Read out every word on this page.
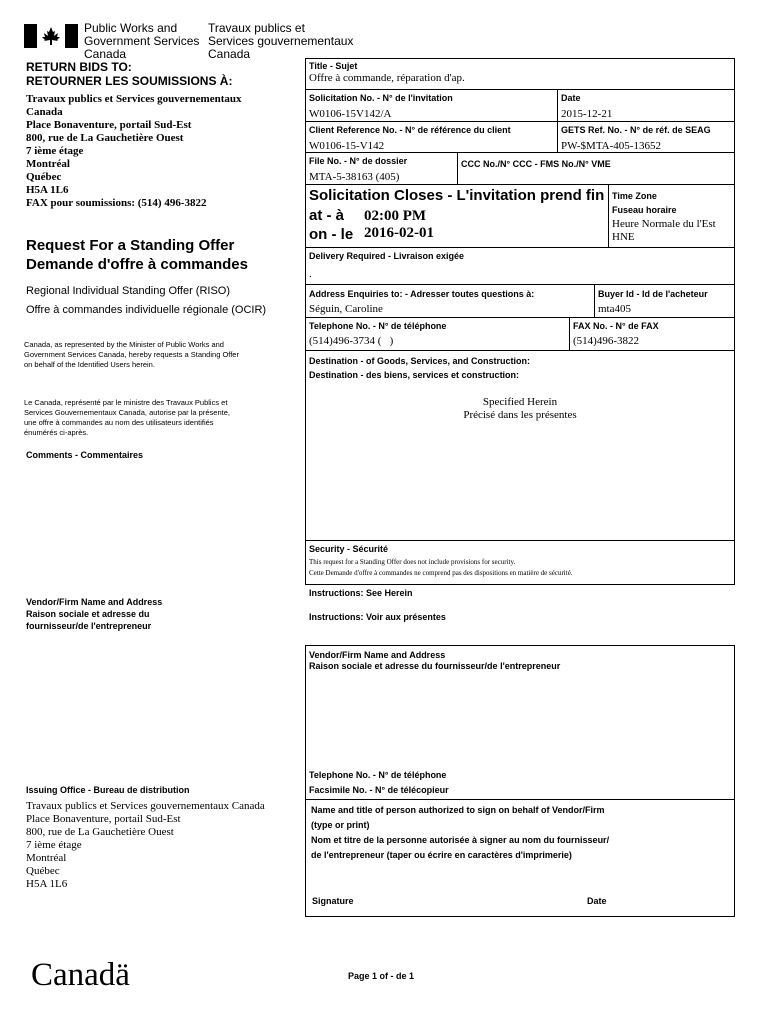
Public Works and
Government Services
Canada
Travaux publics et
Services gouvernementaux
Canada
RETURN BIDS TO:
RETOURNER LES SOUMISSIONS À:
Travaux publics et Services gouvernementaux
Canada
Place Bonaventure, portail Sud-Est
800, rue de La Gauchetière Ouest
7 ième étage
Montréal
Québec
H5A 1L6
FAX pour soumissions: (514) 496-3822
Request For a Standing Offer
Demande d'offre à commandes
Regional Individual Standing Offer (RISO)
Offre à commandes individuelle régionale (OCIR)
Canada, as represented by the Minister of Public Works and
Government Services Canada, hereby requests a Standing Offer
on behalf of the Identified Users herein.
Le Canada, représenté par le ministre des Travaux Publics et
Services Gouvernementaux Canada, autorise par la présente,
une offre à commandes au nom des utilisateurs identifiés
énumérés ci-après.
Comments - Commentaires
Vendor/Firm Name and Address
Raison sociale et adresse du
fournisseur/de l'entrepreneur
Issuing Office - Bureau de distribution
Travaux publics et Services gouvernementaux Canada
Place Bonaventure, portail Sud-Est
800, rue de La Gauchetière Ouest
7 ième étage
Montréal
Québec
H5A 1L6
Title - Sujet
Offre à commande, réparation d'ap.
Solicitation No. - N° de l'invitation
W0106-15V142/A
Date
2015-12-21
Client Reference No. - N° de référence du client
W0106-15-V142
GETS Ref. No. - N° de réf. de SEAG
PW-$MTA-405-13652
File No. - N° de dossier
MTA-5-38163 (405)
CCC No./N° CCC - FMS No./N° VME
Solicitation Closes - L'invitation prend fin
at - à 02:00 PM
on - le 2016-02-01
Time Zone
Fuseau horaire
Heure Normale du l'Est
HNE
Delivery Required - Livraison exigée
.
Address Enquiries to: - Adresser toutes questions à:
Séguin, Caroline
Buyer Id - Id de l'acheteur
mta405
Telephone No. - N° de téléphone
(514)496-3734 (   )
FAX No. - N° de FAX
(514)496-3822
Destination - of Goods, Services, and Construction:
Destination - des biens, services et construction:
Specified Herein
Précisé dans les présentes
Security - Sécurité
This request for a Standing Offer does not include provisions for security.
Cette Demande d'offre à commandes ne comprend pas des dispositions en matière de sécurité.
Instructions: See Herein
Instructions: Voir aux présentes
Vendor/Firm Name and Address
Raison sociale et adresse du fournisseur/de l'entrepreneur
Telephone No. - N° de téléphone
Facsimile No. - N° de télécopieur
Name and title of person authorized to sign on behalf of Vendor/Firm
(type or print)
Nom et titre de la personne autorisée à signer au nom du fournisseur/
de l'entrepreneur (taper ou écrire en caractères d'imprimerie)
Signature	Date
Canadä	Page 1 of - de 1
